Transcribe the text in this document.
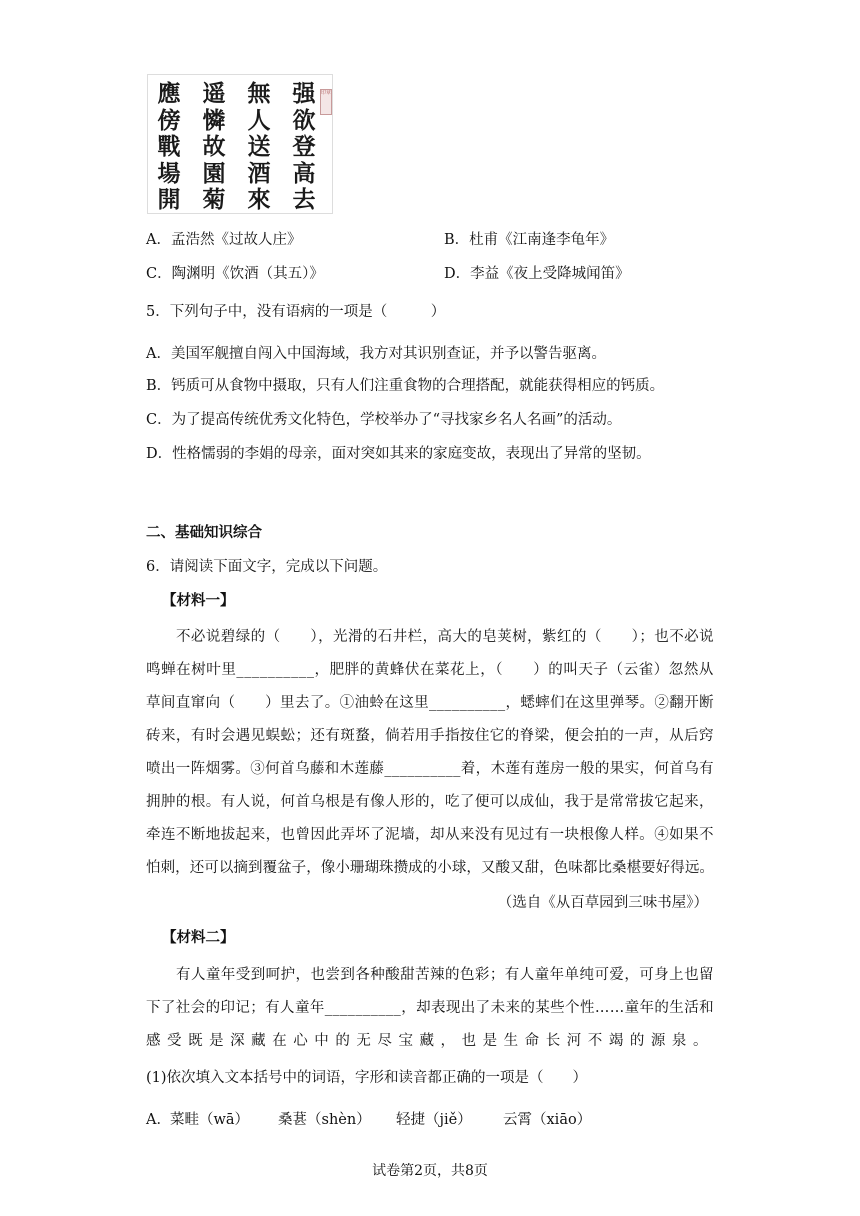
强欲登高去
無人送酒來
遥憐故園菊
應傍戰場開
印章
A．孟浩然《过故人庄》	B．杜甫《江南逢李龟年》
C．陶渊明《饮酒（其五）》	D．李益《夜上受降城闻笛》
5．下列句子中，没有语病的一项是（　　　）
A．美国军舰擅自闯入中国海域，我方对其识别查证，并予以警告驱离。
B．钙质可从食物中摄取，只有人们注重食物的合理搭配，就能获得相应的钙质。
C．为了提高传统优秀文化特色，学校举办了“寻找家乡名人名画”的活动。
D．性格懦弱的李娟的母亲，面对突如其来的家庭变故，表现出了异常的坚韧。
二、基础知识综合
6．请阅读下面文字，完成以下问题。
【材料一】
不必说碧绿的（　　），光滑的石井栏，高大的皂荚树，紫红的（　　）；也不必说
鸣蝉在树叶里__________，肥胖的黄蜂伏在菜花上，（　　）的叫天子（云雀）忽然从
草间直窜向（　　）里去了。①油蛉在这里__________，蟋蟀们在这里弹琴。②翻开断
砖来，有时会遇见蜈蚣；还有斑蝥，倘若用手指按住它的脊梁，便会拍的一声，从后窍
喷出一阵烟雾。③何首乌藤和木莲藤__________着，木莲有莲房一般的果实，何首乌有
拥肿的根。有人说，何首乌根是有像人形的，吃了便可以成仙，我于是常常拔它起来，
牵连不断地拔起来，也曾因此弄坏了泥墙，却从来没有见过有一块根像人样。④如果不
怕刺，还可以摘到覆盆子，像小珊瑚珠攒成的小球，又酸又甜，色味都比桑椹要好得远。
（选自《从百草园到三味书屋》）
【材料二】
有人童年受到呵护，也尝到各种酸甜苦辣的色彩；有人童年单纯可爱，可身上也留
下了社会的印记；有人童年__________，却表现出了未来的某些个性……童年的生活和
感受既是深藏在心中的无尽宝藏，也是生命长河不竭的源泉。
(1)依次填入文本括号中的词语，字形和读音都正确的一项是（　　）
A． 菜畦（wā） 桑葚（shèn） 轻捷（jiě） 云霄（xiāo）
试卷第2页，共8页
